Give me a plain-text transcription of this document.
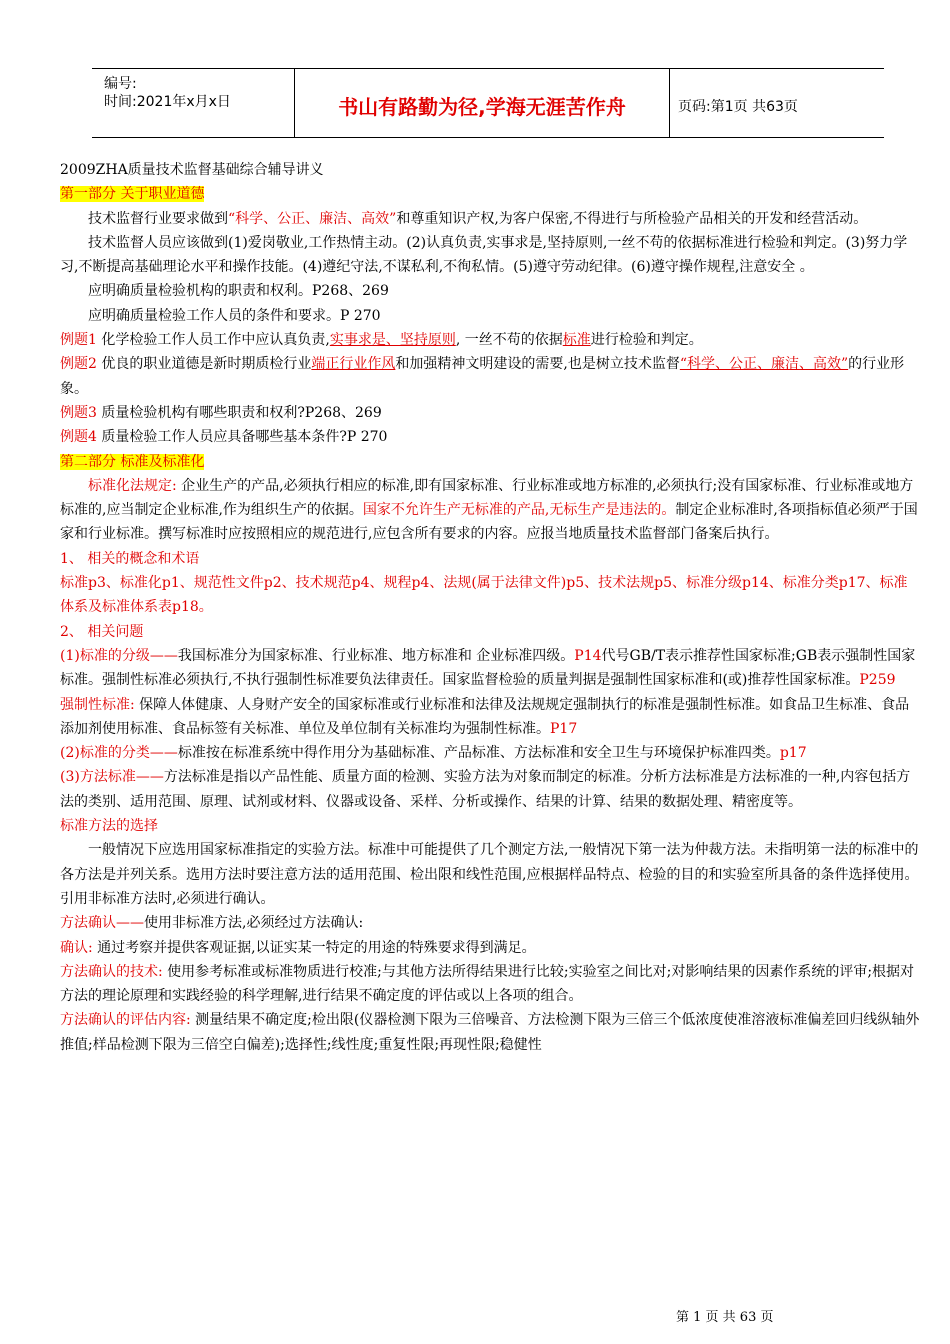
编号:
时间:2021年x月x日	书山有路勤为径,学海无涯苦作舟	页码:第1页 共63页

2009ZHA质量技术监督基础综合辅导讲义

第一部分 关于职业道德

技术监督行业要求做到“科学、公正、廉洁、高效”和尊重知识产权,为客户保密,不得进行与所检验产品相关的开发和经营活动。

技术监督人员应该做到(1)爱岗敬业,工作热情主动。(2)认真负责,实事求是,坚持原则,一丝不苟的依据标准进行检验和判定。(3)努力学习,不断提高基础理论水平和操作技能。(4)遵纪守法,不谋私利,不徇私情。(5)遵守劳动纪律。(6)遵守操作规程,注意安全 。

应明确质量检验机构的职责和权利。P268、269

应明确质量检验工作人员的条件和要求。P 270

例题1 化学检验工作人员工作中应认真负责,实事求是、坚持原则, 一丝不苟的依据标准进行检验和判定。

例题2 优良的职业道德是新时期质检行业端正行业作风和加强精神文明建设的需要,也是树立技术监督“科学、公正、廉洁、高效”的行业形象。

例题3 质量检验机构有哪些职责和权利?P268、269

例题4 质量检验工作人员应具备哪些基本条件?P 270

第二部分 标准及标准化

标准化法规定: 企业生产的产品,必须执行相应的标准,即有国家标准、行业标准或地方标准的,必须执行;没有国家标准、行业标准或地方标准的,应当制定企业标准,作为组织生产的依据。国家不允许生产无标准的产品,无标生产是违法的。制定企业标准时,各项指标值必须严于国家和行业标准。撰写标准时应按照相应的规范进行,应包含所有要求的内容。应报当地质量技术监督部门备案后执行。

1、 相关的概念和术语

标准p3、标准化p1、规范性文件p2、技术规范p4、规程p4、法规(属于法律文件)p5、技术法规p5、标准分级p14、标准分类p17、标准体系及标准体系表p18。

2、 相关问题

(1)标准的分级——我国标准分为国家标准、行业标准、地方标准和 企业标准四级。P14代号GB/T表示推荐性国家标准;GB表示强制性国家标准。强制性标准必须执行,不执行强制性标准要负法律责任。国家监督检验的质量判据是强制性国家标准和(或)推荐性国家标准。P259

强制性标准: 保障人体健康、人身财产安全的国家标准或行业标准和法律及法规规定强制执行的标准是强制性标准。如食品卫生标准、食品添加剂使用标准、食品标签有关标准、单位及单位制有关标准均为强制性标准。P17

(2)标准的分类——标准按在标准系统中得作用分为基础标准、产品标准、方法标准和安全卫生与环境保护标准四类。p17

(3)方法标准——方法标准是指以产品性能、质量方面的检测、实验方法为对象而制定的标准。分析方法标准是方法标准的一种,内容包括方法的类别、适用范围、原理、试剂或材料、仪器或设备、采样、分析或操作、结果的计算、结果的数据处理、精密度等。

标准方法的选择

一般情况下应选用国家标准指定的实验方法。标准中可能提供了几个测定方法,一般情况下第一法为仲裁方法。未指明第一法的标准中的各方法是并列关系。选用方法时要注意方法的适用范围、检出限和线性范围,应根据样品特点、检验的目的和实验室所具备的条件选择使用。引用非标准方法时,必须进行确认。

方法确认——使用非标准方法,必须经过方法确认:

确认: 通过考察并提供客观证据,以证实某一特定的用途的特殊要求得到满足。

方法确认的技术: 使用参考标准或标准物质进行校准;与其他方法所得结果进行比较;实验室之间比对;对影响结果的因素作系统的评审;根据对方法的理论原理和实践经验的科学理解,进行结果不确定度的评估或以上各项的组合。

方法确认的评估内容: 测量结果不确定度;检出限(仪器检测下限为三倍噪音、方法检测下限为三倍三个低浓度使准溶液标准偏差回归线纵轴外推值;样品检测下限为三倍空白偏差);选择性;线性度;重复性限;再现性限;稳健性

第 1 页 共 63 页
